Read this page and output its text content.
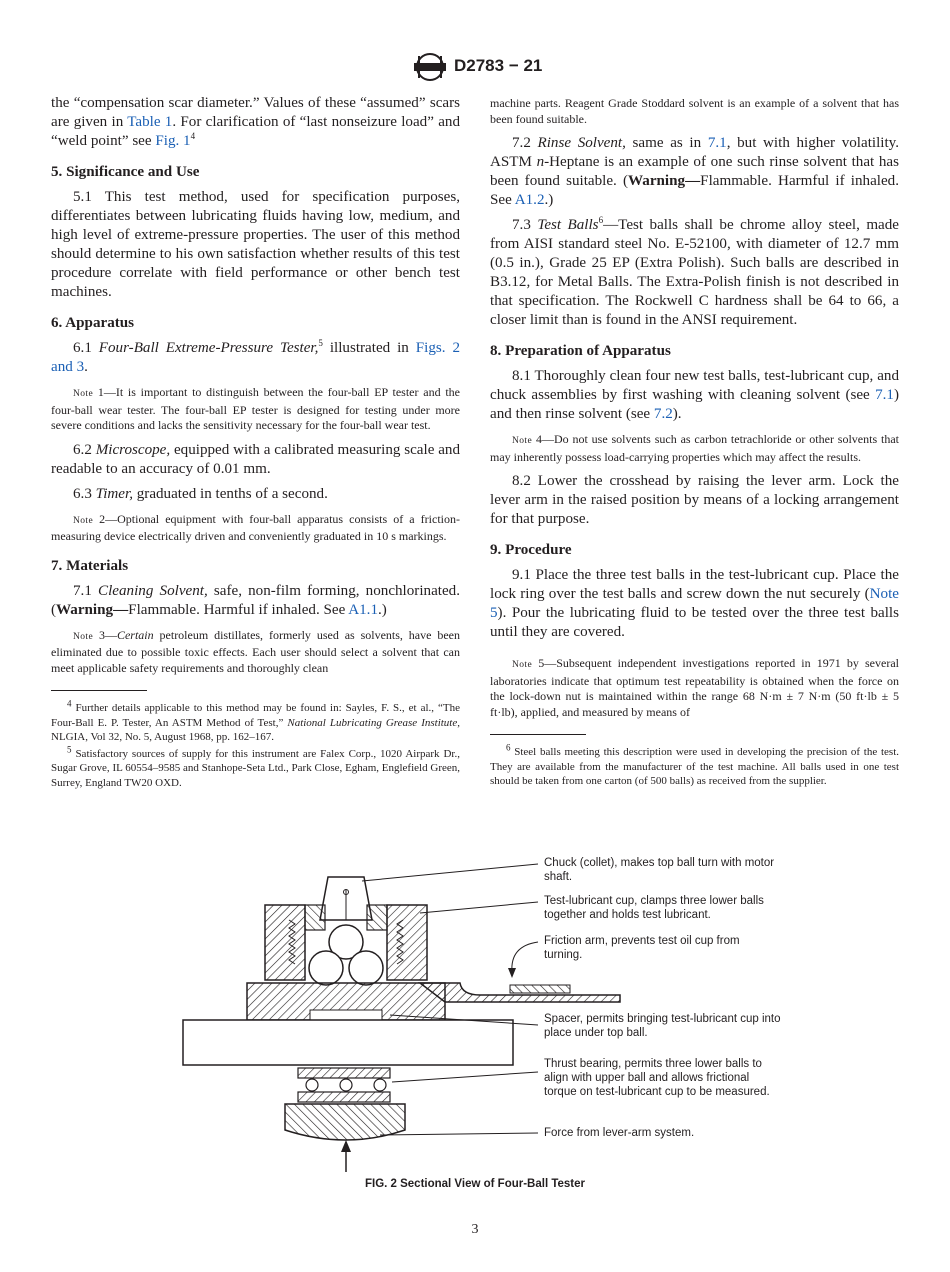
D2783 − 21

the “compensation scar diameter.” Values of these “assumed” scars are given in Table 1. For clarification of “last nonseizure load” and “weld point” see Fig. $1^4$

5. Significance and Use

5.1 This test method, used for specification purposes, differentiates between lubricating fluids having low, medium, and high level of extreme-pressure properties. The user of this method should determine to his own satisfaction whether results of this test procedure correlate with field performance or other bench test machines.

6. Apparatus

6.1 Four-Ball Extreme-Pressure Tester,$^5$ illustrated in Figs. 2 and 3.

Note 1—It is important to distinguish between the four-ball EP tester and the four-ball wear tester. The four-ball EP tester is designed for testing under more severe conditions and lacks the sensitivity necessary for the four-ball wear test.

6.2 Microscope, equipped with a calibrated measuring scale and readable to an accuracy of 0.01 mm.

6.3 Timer, graduated in tenths of a second.

Note 2—Optional equipment with four-ball apparatus consists of a friction-measuring device electrically driven and conveniently graduated in 10 s markings.

7. Materials

7.1 Cleaning Solvent, safe, non-film forming, nonchlorinated. (Warning—Flammable. Harmful if inhaled. See A1.1.)

Note 3—Certain petroleum distillates, formerly used as solvents, have been eliminated due to possible toxic effects. Each user should select a solvent that can meet applicable safety requirements and thoroughly clean

$^4$ Further details applicable to this method may be found in: Sayles, F. S., et al., “The Four-Ball E. P. Tester, An ASTM Method of Test,” National Lubricating Grease Institute, NLGIA, Vol 32, No. 5, August 1968, pp. 162–167.

$^5$ Satisfactory sources of supply for this instrument are Falex Corp., 1020 Airpark Dr., Sugar Grove, IL 60554–9585 and Stanhope-Seta Ltd., Park Close, Egham, Englefield Green, Surrey, England TW20 OXD.

machine parts. Reagent Grade Stoddard solvent is an example of a solvent that has been found suitable.

7.2 Rinse Solvent, same as in 7.1, but with higher volatility. ASTM n-Heptane is an example of one such rinse solvent that has been found suitable. (Warning—Flammable. Harmful if inhaled. See A1.2.)

7.3 Test Balls$^6$—Test balls shall be chrome alloy steel, made from AISI standard steel No. E-52100, with diameter of 12.7 mm (0.5 in.), Grade 25 EP (Extra Polish). Such balls are described in B3.12, for Metal Balls. The Extra-Polish finish is not described in that specification. The Rockwell C hardness shall be 64 to 66, a closer limit than is found in the ANSI requirement.

8. Preparation of Apparatus

8.1 Thoroughly clean four new test balls, test-lubricant cup, and chuck assemblies by first washing with cleaning solvent (see 7.1) and then rinse solvent (see 7.2).

Note 4—Do not use solvents such as carbon tetrachloride or other solvents that may inherently possess load-carrying properties which may affect the results.

8.2 Lower the crosshead by raising the lever arm. Lock the lever arm in the raised position by means of a locking arrangement for that purpose.

9. Procedure

9.1 Place the three test balls in the test-lubricant cup. Place the lock ring over the test balls and screw down the nut securely (Note 5). Pour the lubricating fluid to be tested over the three test balls until they are covered.

Note 5—Subsequent independent investigations reported in 1971 by several laboratories indicate that optimum test repeatability is obtained when the force on the lock-down nut is maintained within the range 68 N·m ± 7 N·m (50 ft·lb ± 5 ft·lb), applied, and measured by means of

$^6$ Steel balls meeting this description were used in developing the precision of the test. They are available from the manufacturer of the test machine. All balls used in one test should be taken from one carton (of 500 balls) as received from the supplier.

Chuck (collet), makes top ball turn with motor shaft.
Test-lubricant cup, clamps three lower balls together and holds test lubricant.
Friction arm, prevents test oil cup from turning.
Spacer, permits bringing test-lubricant cup into place under top ball.
Thrust bearing, permits three lower balls to align with upper ball and allows frictional torque on test-lubricant cup to be measured.
Force from lever-arm system.
FIG. 2 Sectional View of Four-Ball Tester
3
